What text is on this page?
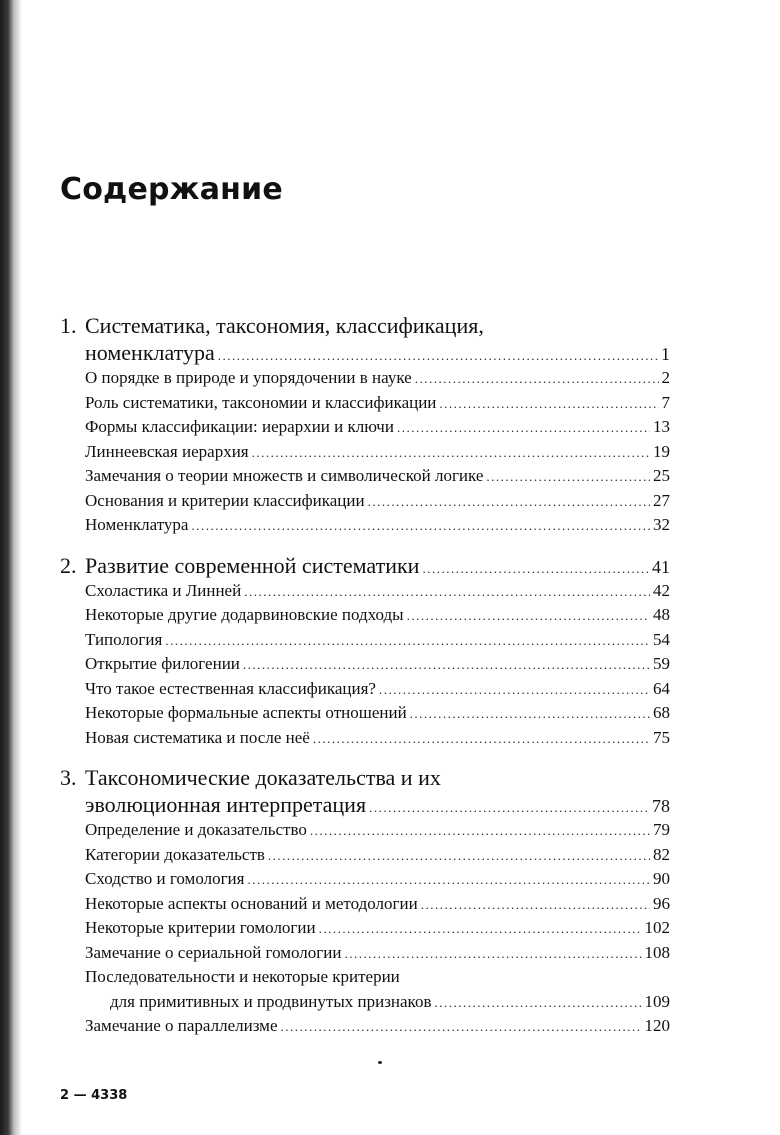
Содержание
1. Систематика, таксономия, классификация,
номенклатура .....	1
О порядке в природе и упорядочении в науке .....	2
Роль систематики, таксономии и классификации .....	7
Формы классификации: иерархии и ключи .....	13
Линнеевская иерархия .....	19
Замечания о теории множеств и символической логике .....	25
Основания и критерии классификации .....	27
Номенклатура .....	32
2. Развитие современной систематики .....	41
Схоластика и Линней .....	42
Некоторые другие додарвиновские подходы .....	48
Типология .....	54
Открытие филогении .....	59
Что такое естественная классификация? .....	64
Некоторые формальные аспекты отношений .....	68
Новая систематика и после неё .....	75
3. Таксономические доказательства и их
эволюционная интерпретация .....	78
Определение и доказательство .....	79
Категории доказательств .....	82
Сходство и гомология .....	90
Некоторые аспекты оснований и методологии .....	96
Некоторые критерии гомологии .....	102
Замечание о сериальной гомологии .....	108
Последовательности и некоторые критерии
для примитивных и продвинутых признаков .....	109
Замечание о параллелизме .....	120
2 — 4338
